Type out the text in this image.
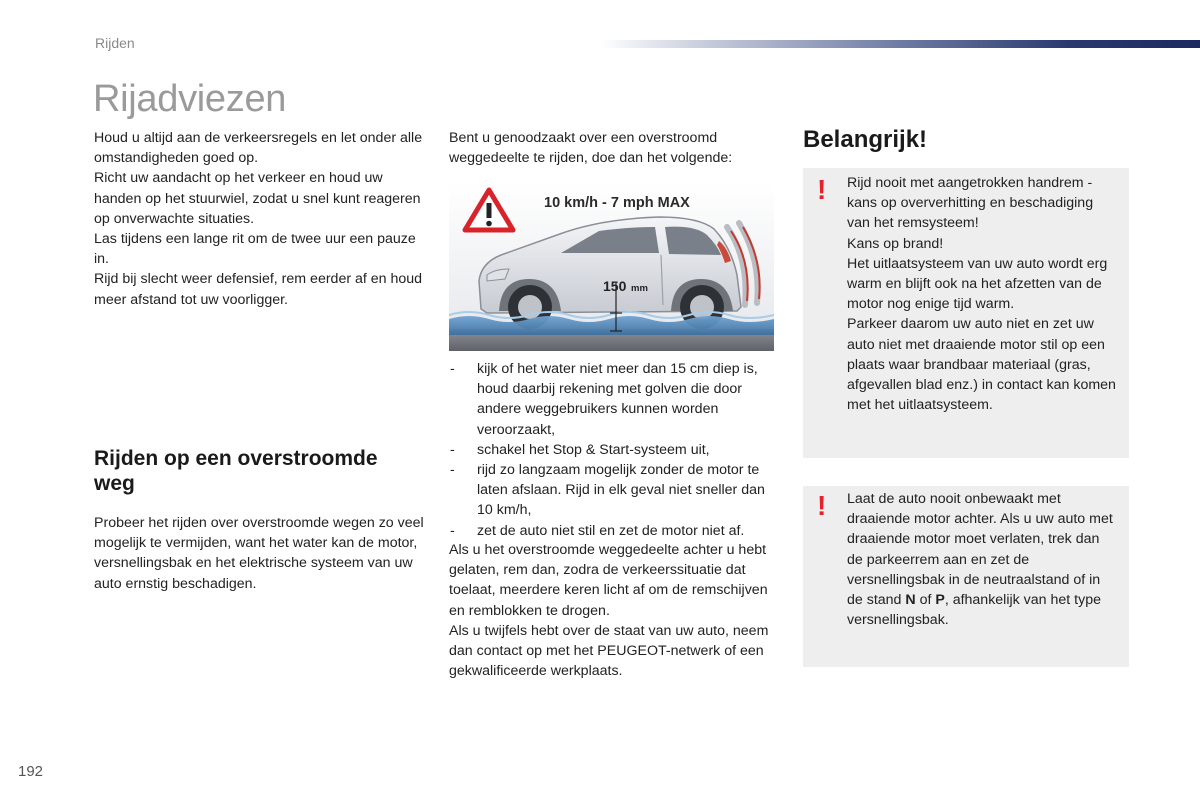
Rijden
Rijadviezen

Houd u altijd aan de verkeersregels en let onder alle omstandigheden goed op.

Richt uw aandacht op het verkeer en houd uw handen op het stuurwiel, zodat u snel kunt reageren op onverwachte situaties.

Las tijdens een lange rit om de twee uur een pauze in.

Rijd bij slecht weer defensief, rem eerder af en houd meer afstand tot uw voorligger.

Rijden op een overstroomde weg

Probeer het rijden over overstroomde wegen zo veel mogelijk te vermijden, want het water kan de motor, versnellingsbak en het elektrische systeem van uw auto ernstig beschadigen.

Bent u genoodzaakt over een overstroomd weggedeelte te rijden, doe dan het volgende:

10 km/h - 7 mph MAX
150 mm
-	kijk of het water niet meer dan 15 cm diep is, houd daarbij rekening met golven die door andere weggebruikers kunnen worden veroorzaakt,
-	schakel het Stop & Start-systeem uit,
-	rijd zo langzaam mogelijk zonder de motor te laten afslaan. Rijd in elk geval niet sneller dan 10 km/h,
-	zet de auto niet stil en zet de motor niet af.

Als u het overstroomde weggedeelte achter u hebt gelaten, rem dan, zodra de verkeerssituatie dat toelaat, meerdere keren licht af om de remschijven en remblokken te drogen.

Als u twijfels hebt over de staat van uw auto, neem dan contact op met het PEUGEOT-netwerk of een gekwalificeerde werkplaats.

Belangrijk!
! Rijd nooit met aangetrokken handrem - kans op oververhitting en beschadiging van het remsysteem!

Kans op brand!

Het uitlaatsysteem van uw auto wordt erg warm en blijft ook na het afzetten van de motor nog enige tijd warm.

Parkeer daarom uw auto niet en zet uw auto niet met draaiende motor stil op een plaats waar brandbaar materiaal (gras, afgevallen blad enz.) in contact kan komen met het uitlaatsysteem.

! Laat de auto nooit onbewaakt met draaiende motor achter. Als u uw auto met draaiende motor moet verlaten, trek dan de parkeerrem aan en zet de versnellingsbak in de neutraalstand of in de stand N of P, afhankelijk van het type versnellingsbak.

192
